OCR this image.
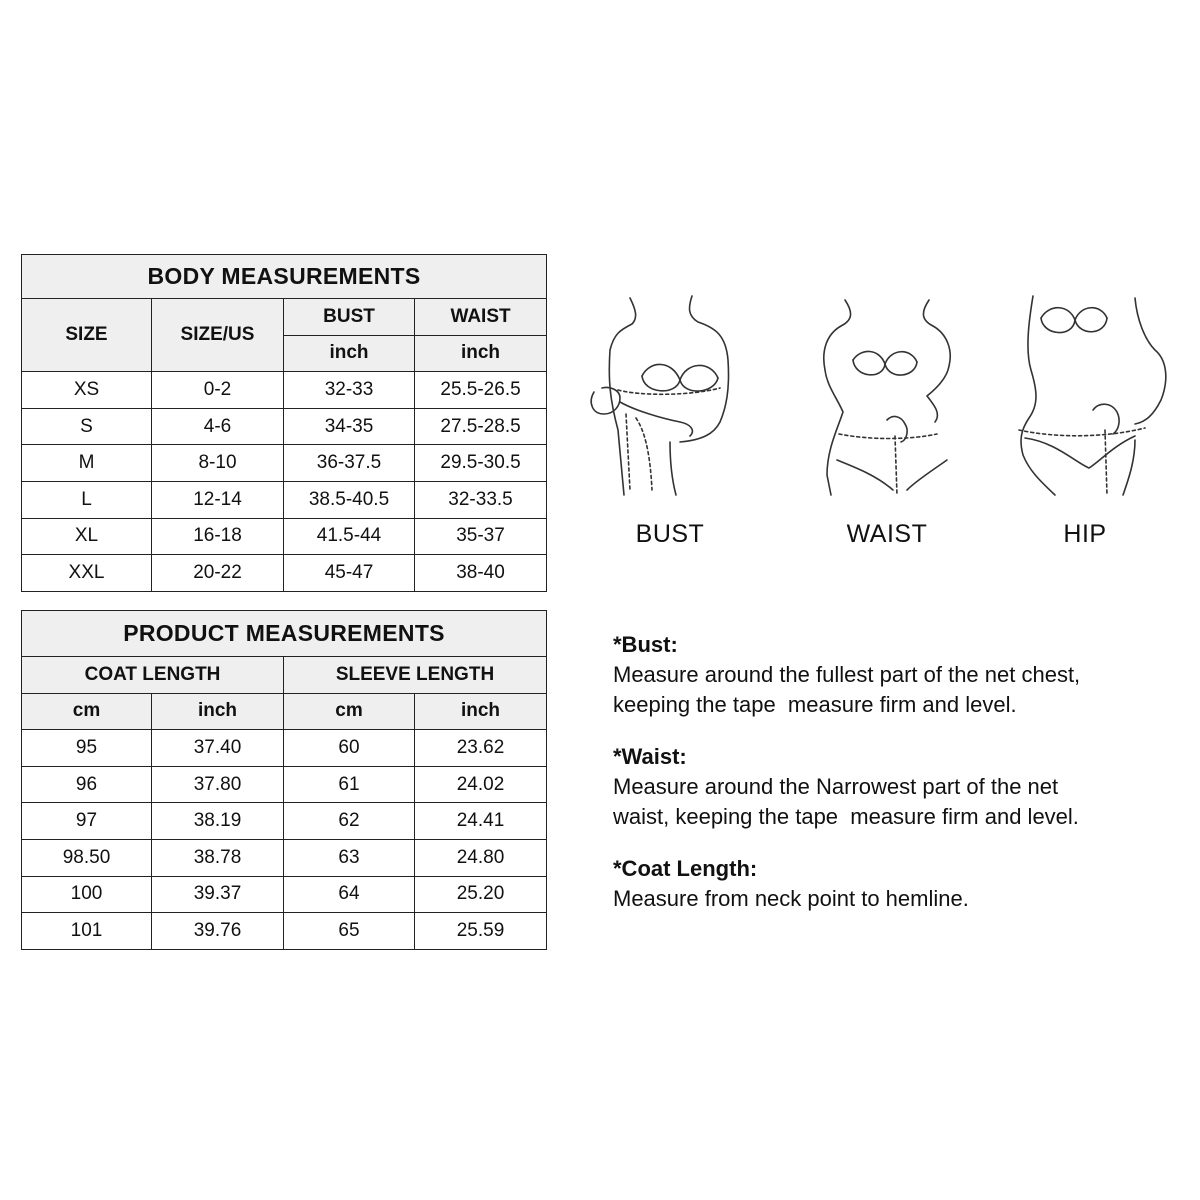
BODY MEASUREMENTS			
SIZE	SIZE/US	BUST	WAIST
		inch	inch
XS	0-2	32-33	25.5-26.5
S	4-6	34-35	27.5-28.5
M	8-10	36-37.5	29.5-30.5
L	12-14	38.5-40.5	32-33.5
XL	16-18	41.5-44	35-37
XXL	20-22	45-47	38-40
PRODUCT MEASUREMENTS			
COAT LENGTH		SLEEVE LENGTH	
cm	inch	cm	inch
95	37.40	60	23.62
96	37.80	61	24.02
97	38.19	62	24.41
98.50	38.78	63	24.80
100	39.37	64	25.20
101	39.76	65	25.59
BUST	WAIST	HIP
*Bust:
Measure around the fullest part of the net chest,
keeping the tape  measure firm and level.
*Waist:
Measure around the Narrowest part of the net
waist, keeping the tape  measure firm and level.
*Coat Length:
Measure from neck point to hemline.
